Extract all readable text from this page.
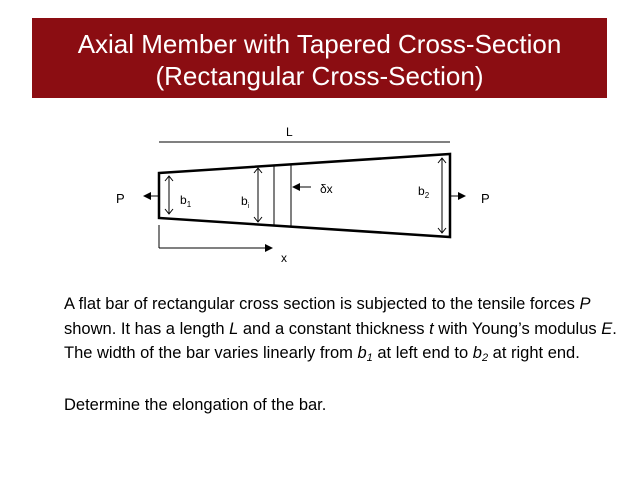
Axial Member with Tapered Cross-Section
(Rectangular Cross-Section)
L
P	P
$b_1$	$b_i$
δx	$b_2$
x

A flat bar of rectangular cross section is subjected to the tensile forces P shown. It has a length L and a constant thickness t with Young’s modulus E. The width of the bar varies linearly from $b_1$ at left end to $b_2$ at right end.

Determine the elongation of the bar.
